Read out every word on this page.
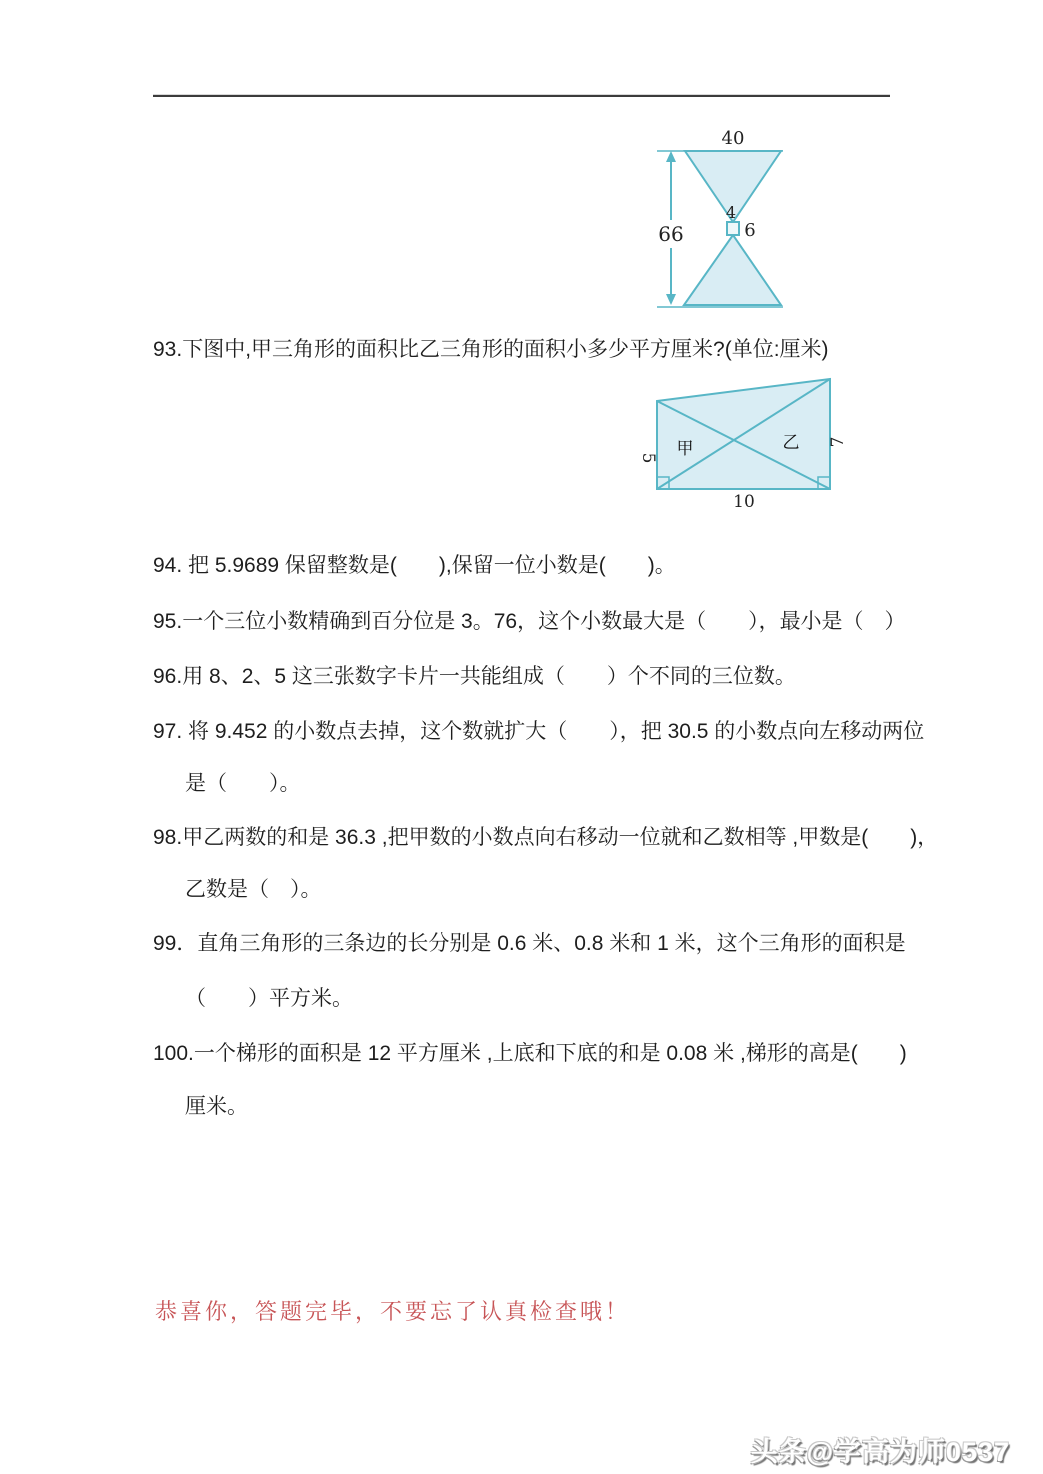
40
66
4
6
93.下图中,甲三角形的面积比乙三角形的面积小多少平方厘米?(单位:厘米)
甲	乙
5
7
10
94. 把 5.9689 保留整数是(　　),保留一位小数是(　　)。
95.一个三位小数精确到百分位是 3。76，这个小数最大是（　　），最小是（　）
96.用 8、2、5 这三张数字卡片一共能组成（　　）个不同的三位数。
97. 将 9.452 的小数点去掉，这个数就扩大（　　），把 30.5 的小数点向左移动两位
是（　　）。
98.甲乙两数的和是 36.3 ,把甲数的小数点向右移动一位就和乙数相等 ,甲数是(　　)，
乙数是（　）。
99．直角三角形的三条边的长分别是 0.6 米、0.8 米和 1 米，这个三角形的面积是
（　　）平方米。
100.一个梯形的面积是 12 平方厘米 ,上底和下底的和是 0.08 米 ,梯形的高是(　　)
厘米。
恭喜你，答题完毕，不要忘了认真检查哦！
头条@学高为师0537
